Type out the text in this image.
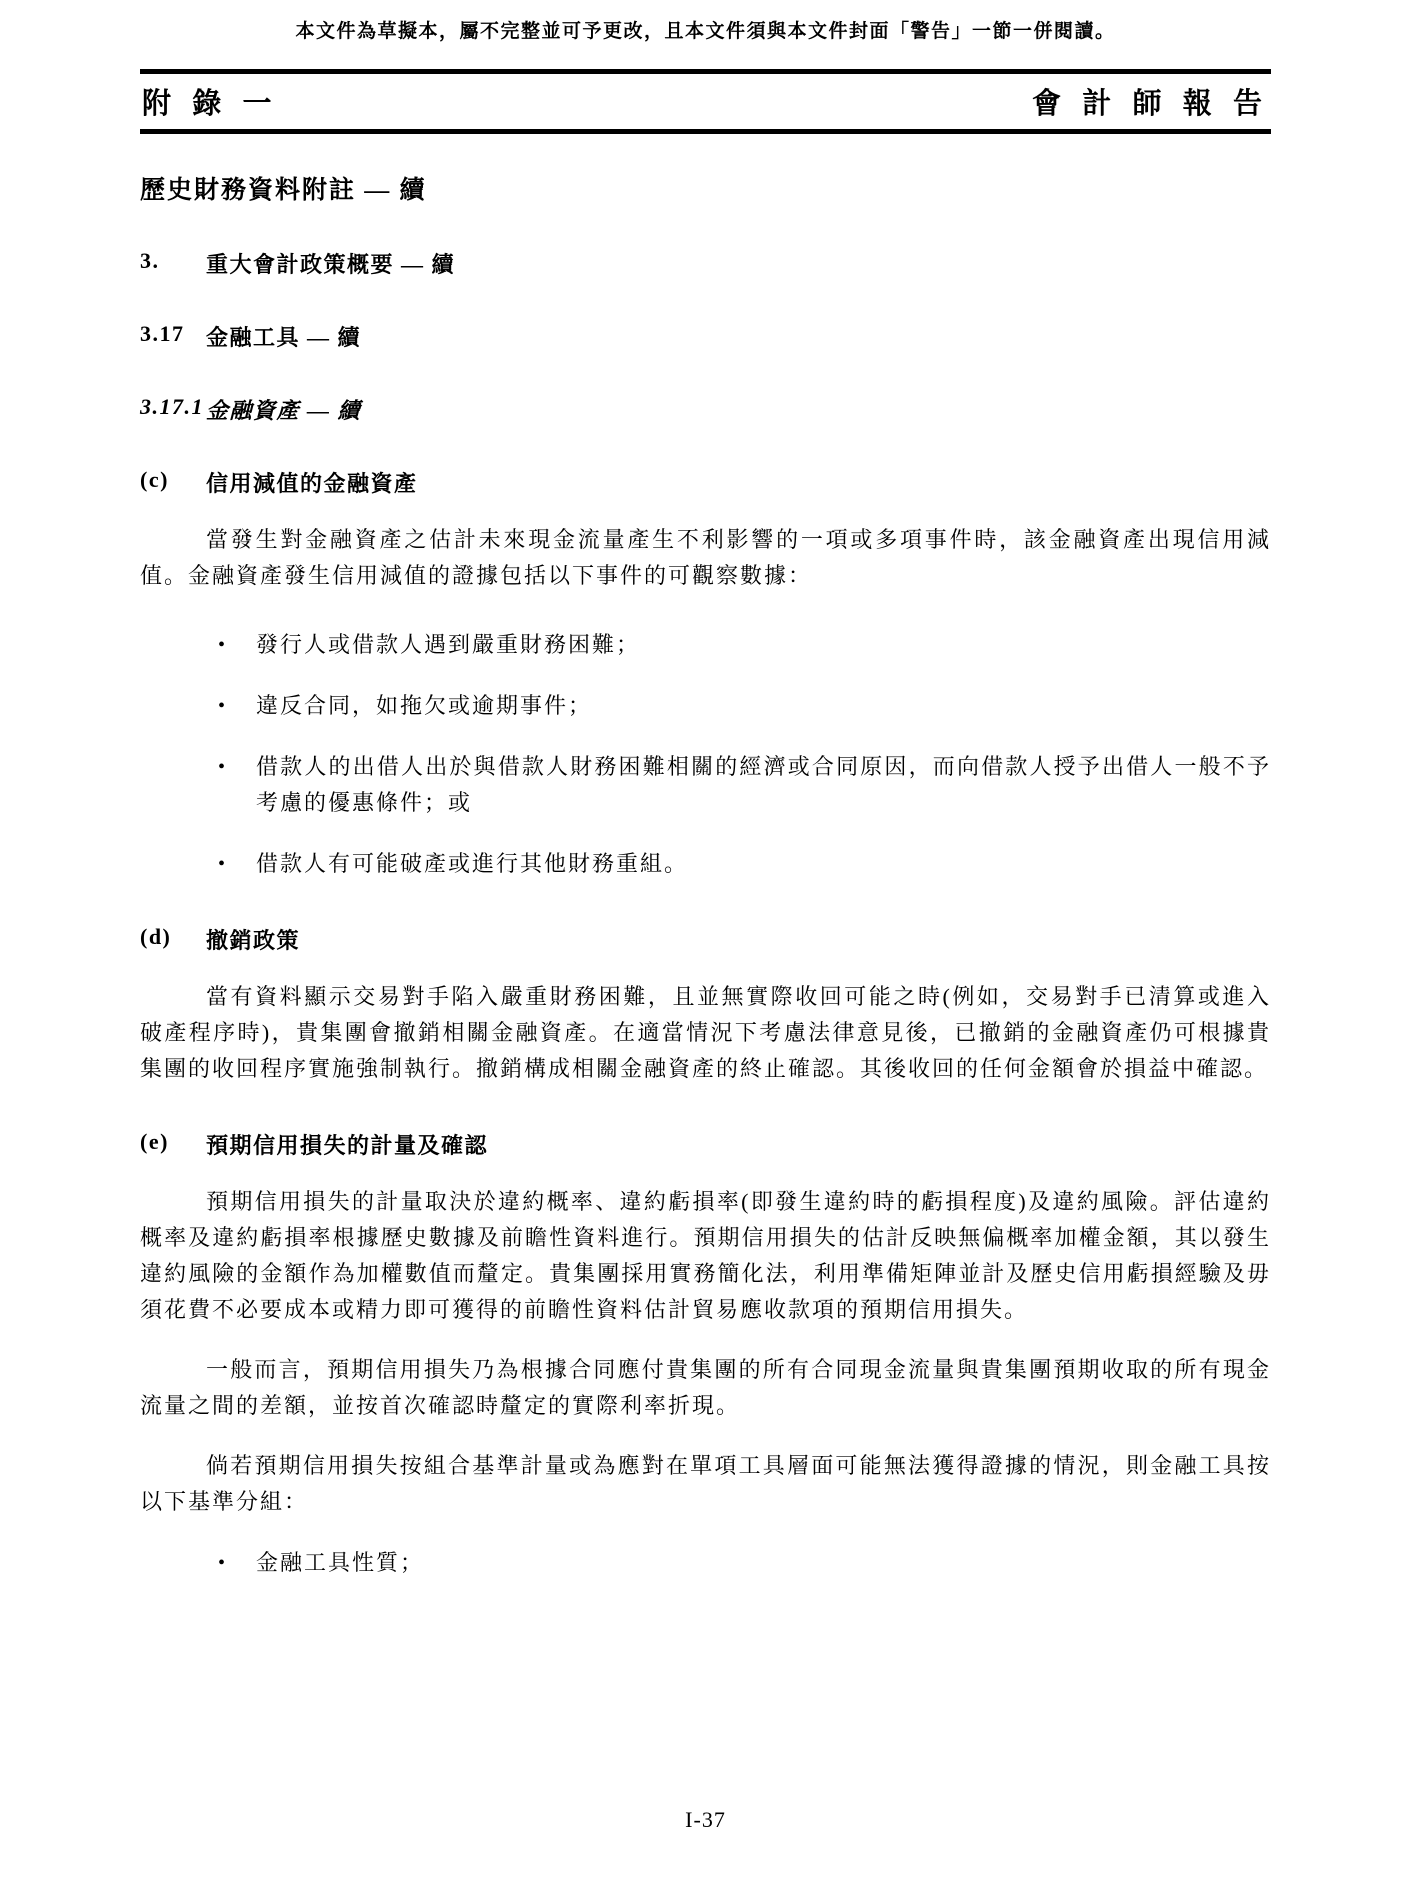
本文件為草擬本，屬不完整並可予更改，且本文件須與本文件封面「警告」一節一併閱讀。
附 錄 一	會 計 師 報 告
歷史財務資料附註 — 續
3.	重大會計政策概要 — 續
3.17 金融工具 — 續
3.17.1 金融資產 — 續
(c)	信用減值的金融資產

當發生對金融資產之估計未來現金流量產生不利影響的一項或多項事件時，該金融資產出現信用減值。金融資產發生信用減值的證據包括以下事件的可觀察數據：

•	發行人或借款人遇到嚴重財務困難；
•	違反合同，如拖欠或逾期事件；
•	借款人的出借人出於與借款人財務困難相關的經濟或合同原因，而向借款人授予出借人一般不予考慮的優惠條件；或
•	借款人有可能破產或進行其他財務重組。
(d)	撤銷政策

當有資料顯示交易對手陷入嚴重財務困難，且並無實際收回可能之時(例如，交易對手已清算或進入破產程序時)，貴集團會撤銷相關金融資產。在適當情況下考慮法律意見後，已撤銷的金融資產仍可根據貴集團的收回程序實施強制執行。撤銷構成相關金融資產的終止確認。其後收回的任何金額會於損益中確認。

(e)	預期信用損失的計量及確認

預期信用損失的計量取決於違約概率、違約虧損率(即發生違約時的虧損程度)及違約風險。評估違約概率及違約虧損率根據歷史數據及前瞻性資料進行。預期信用損失的估計反映無偏概率加權金額，其以發生違約風險的金額作為加權數值而釐定。貴集團採用實務簡化法，利用準備矩陣並計及歷史信用虧損經驗及毋須花費不必要成本或精力即可獲得的前瞻性資料估計貿易應收款項的預期信用損失。

一般而言，預期信用損失乃為根據合同應付貴集團的所有合同現金流量與貴集團預期收取的所有現金流量之間的差額，並按首次確認時釐定的實際利率折現。

倘若預期信用損失按組合基準計量或為應對在單項工具層面可能無法獲得證據的情況，則金融工具按以下基準分組：

•	金融工具性質；
I-37
